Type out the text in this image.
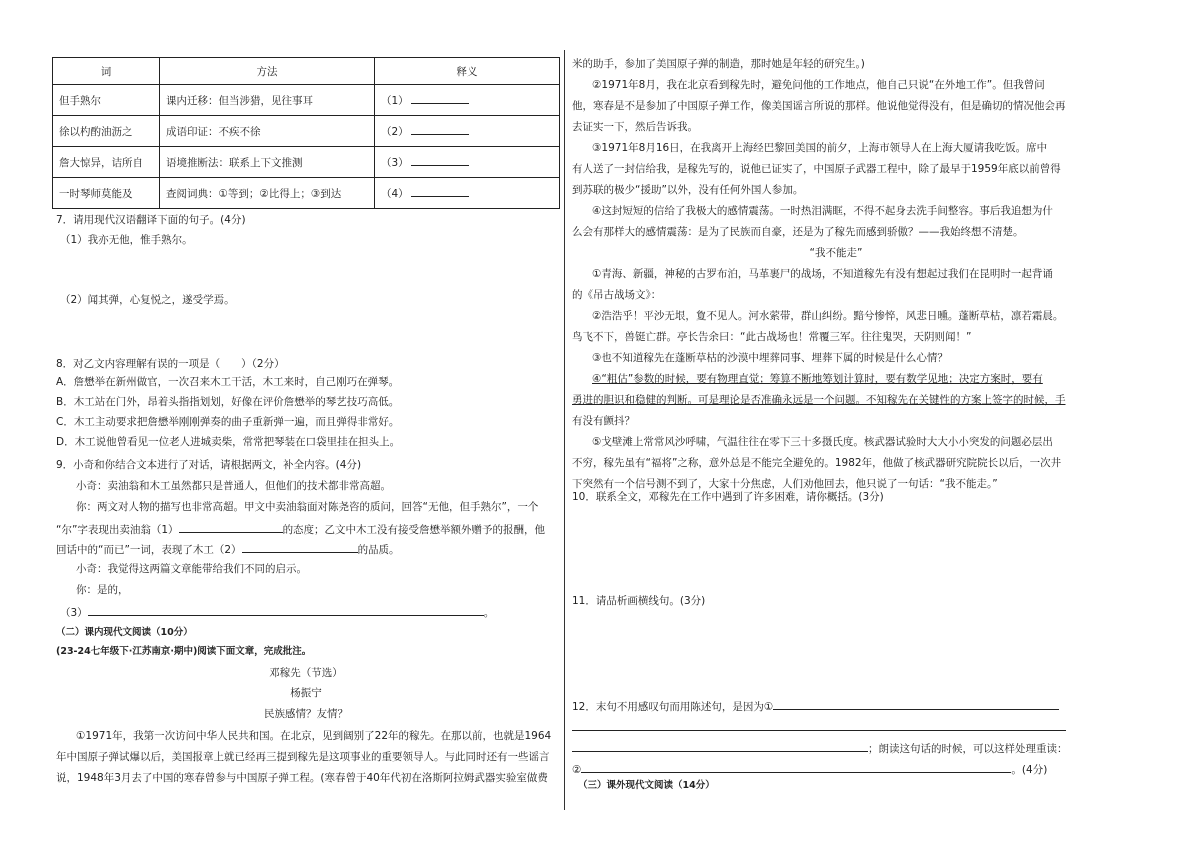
词	方法	释义
但手熟尔	课内迁移：但当涉猎，见往事耳	（1）
徐以杓酌油沥之	成语印证：不疾不徐	（2）
詹大惊异，诘所自	语境推断法：联系上下文推测	（3）
一时琴师莫能及	查阅词典：①等到；②比得上；③到达	（4）
7．请用现代汉语翻译下面的句子。(4分)
（1）我亦无他，惟手熟尔。
（2）闻其弹，心复悦之，遂受学焉。
8．对乙文内容理解有误的一项是（　　）（2分）
A．詹懋举在新州做官，一次召来木工干活，木工来时，自己刚巧在弹琴。
B．木工站在门外，昂着头指指划划，好像在评价詹懋举的琴艺技巧高低。
C．木工主动要求把詹懋举刚刚弹奏的曲子重新弹一遍，而且弹得非常好。
D．木工说他曾看见一位老人进城卖柴，常常把琴装在口袋里挂在担头上。
9．小奇和你结合文本进行了对话，请根据两文，补全内容。(4分)
小奇：卖油翁和木工虽然都只是普通人，但他们的技术都非常高超。
你：两文对人物的描写也非常高超。甲文中卖油翁面对陈尧咨的质问，回答“无他，但手熟尔”，一个
“尔”字表现出卖油翁（1）	的态度；乙文中木工没有接受詹懋举额外赠予的报酬，他
回话中的“而已”一词，表现了木工（2）	的品质。
小奇：我觉得这两篇文章能带给我们不同的启示。
你：是的，
（3）	。
（二）课内现代文阅读（10分）
(23-24七年级下·江苏南京·期中)阅读下面文章，完成批注。
邓稼先（节选）
杨振宁
民族感情？友情？
①1971年，我第一次访问中华人民共和国。在北京，见到阔别了22年的稼先。在那以前，也就是1964
年中国原子弹试爆以后，美国报章上就已经再三提到稼先是这项事业的重要领导人。与此同时还有一些谣言
说，1948年3月去了中国的寒春曾参与中国原子弹工程。(寒春曾于40年代初在洛斯阿拉姆武器实验室做费
米的助手，参加了美国原子弹的制造，那时她是年轻的研究生。)
②1971年8月，我在北京看到稼先时，避免问他的工作地点，他自己只说“在外地工作”。但我曾问
他，寒春是不是参加了中国原子弹工作，像美国谣言所说的那样。他说他觉得没有，但是确切的情况他会再
去证实一下，然后告诉我。
③1971年8月16日，在我离开上海经巴黎回美国的前夕，上海市领导人在上海大厦请我吃饭。席中
有人送了一封信给我，是稼先写的，说他已证实了，中国原子武器工程中，除了最早于1959年底以前曾得
到苏联的极少“援助”以外，没有任何外国人参加。
④这封短短的信给了我极大的感情震荡。一时热泪满眶，不得不起身去洗手间整容。事后我追想为什
么会有那样大的感情震荡：是为了民族而自豪，还是为了稼先而感到骄傲？——我始终想不清楚。
“我不能走”
①青海、新疆，神秘的古罗布泊，马革裹尸的战场，不知道稼先有没有想起过我们在昆明时一起背诵
的《吊古战场文》：
②浩浩乎！平沙无垠，夐不见人。河水萦带，群山纠纷。黯兮惨悴，风悲日曛。蓬断草枯，凛若霜晨。
鸟飞不下，兽铤亡群。亭长告余曰：“此古战场也！常覆三军。往往鬼哭，天阴则闻！”
③也不知道稼先在蓬断草枯的沙漠中埋葬同事、埋葬下属的时候是什么心情？
④“粗估”参数的时候，要有物理直觉；筹算不断地筹划计算时，要有数学见地；决定方案时，要有
勇进的胆识和稳健的判断。可是理论是否准确永远是一个问题。不知稼先在关键性的方案上签字的时候，手
有没有颤抖？
⑤戈壁滩上常常风沙呼啸，气温往往在零下三十多摄氏度。核武器试验时大大小小突发的问题必层出
不穷，稼先虽有“福将”之称，意外总是不能完全避免的。1982年，他做了核武器研究院院长以后，一次井
下突然有一个信号测不到了，大家十分焦虑，人们劝他回去，他只说了一句话：“我不能走。”
10．联系全文，邓稼先在工作中遇到了许多困难，请你概括。(3分)
11．请品析画横线句。(3分)
12．末句不用感叹句而用陈述句，是因为①
；朗读这句话的时候，可以这样处理重读：
②	。(4分)
（三）课外现代文阅读（14分）
